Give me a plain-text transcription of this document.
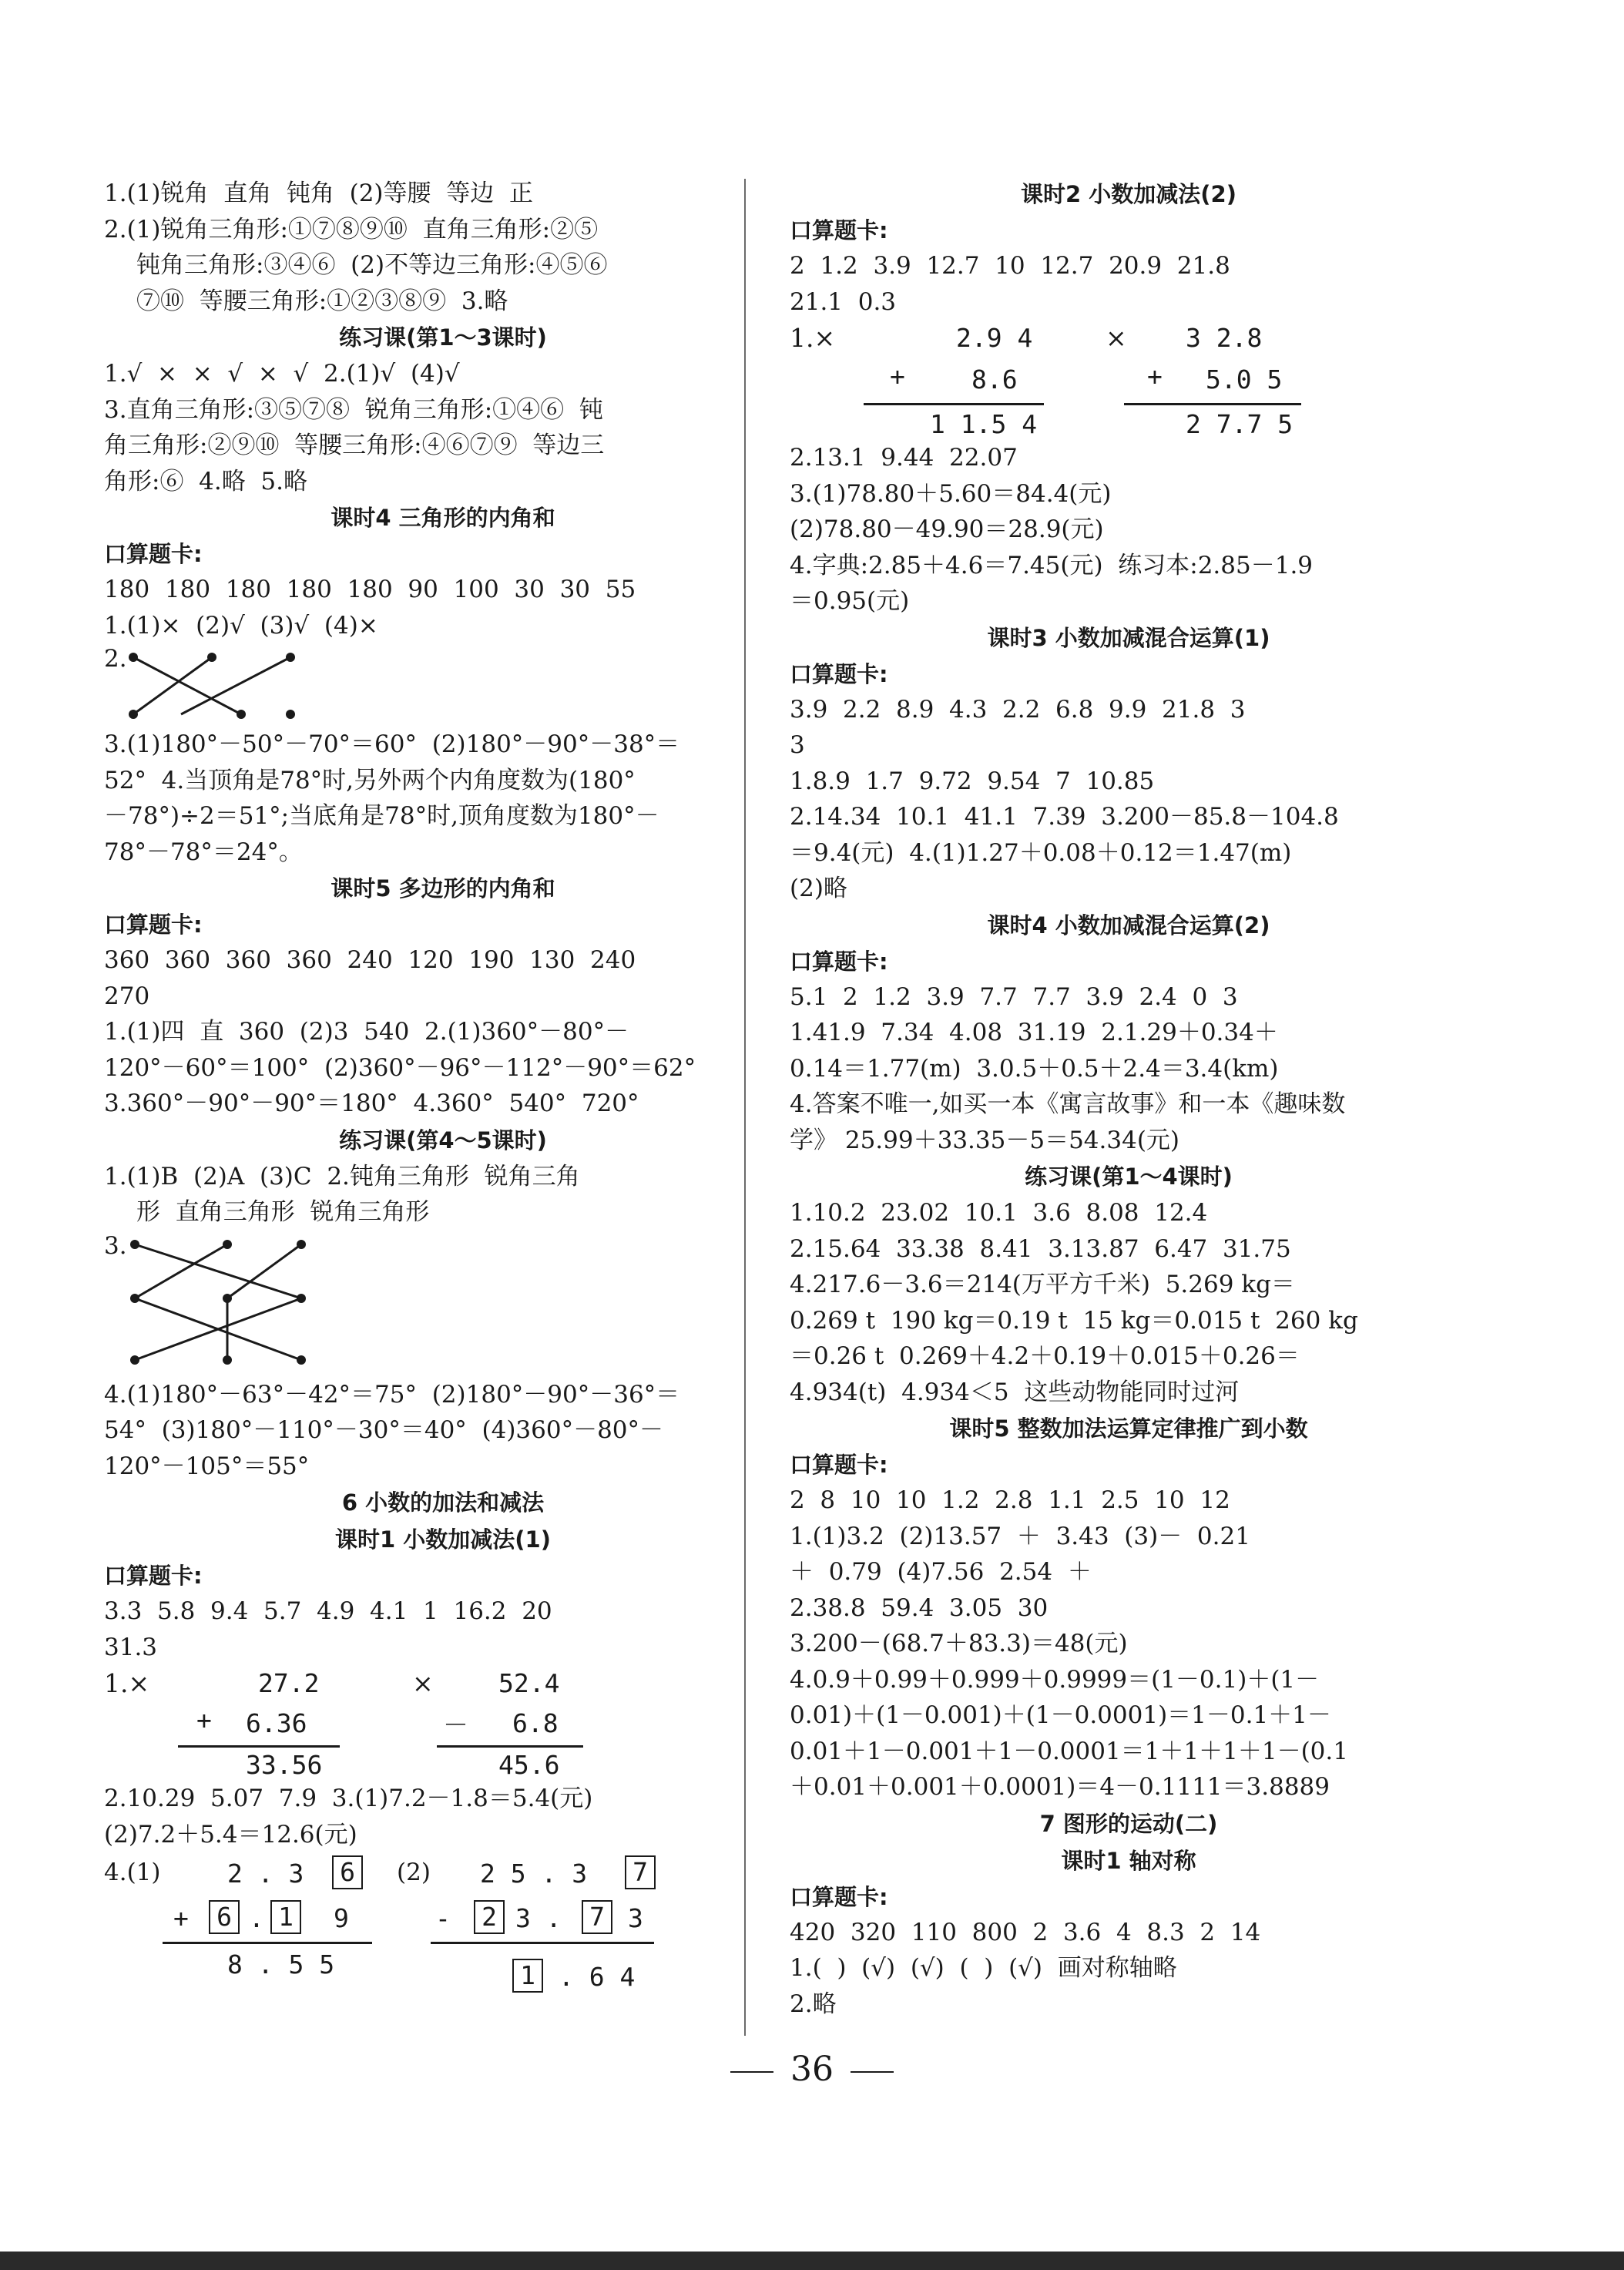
1.(1)锐角  直角  钝角  (2)等腰  等边  正
2.(1)锐角三角形:①⑦⑧⑨⑩  直角三角形:②⑤
钝角三角形:③④⑥  (2)不等边三角形:④⑤⑥
⑦⑩  等腰三角形:①②③⑧⑨  3.略
练习课(第1～3课时)
1.√  ×  ×  √  ×  √  2.(1)√  (4)√
3.直角三角形:③⑤⑦⑧  锐角三角形:①④⑥  钝
角三角形:②⑨⑩  等腰三角形:④⑥⑦⑨  等边三
角形:⑥  4.略  5.略
课时4 三角形的内角和
口算题卡:
180  180  180  180  180  90  100  30  30  55
1.(1)×  (2)√  (3)√  (4)×
2.
3.(1)180°－50°－70°＝60°  (2)180°－90°－38°＝
52°  4.当顶角是78°时,另外两个内角度数为(180°
－78°)÷2＝51°;当底角是78°时,顶角度数为180°－
78°－78°＝24°。
课时5 多边形的内角和
口算题卡:
360  360  360  360  240  120  190  130  240
270
1.(1)四  直  360  (2)3  540  2.(1)360°－80°－
120°－60°＝100°  (2)360°－96°－112°－90°＝62°
3.360°－90°－90°＝180°  4.360°  540°  720°
练习课(第4～5课时)
1.(1)B  (2)A  (3)C  2.钝角三角形  锐角三角
形  直角三角形  锐角三角形
3.
4.(1)180°－63°－42°＝75°  (2)180°－90°－36°＝
54°  (3)180°－110°－30°＝40°  (4)360°－80°－
120°－105°＝55°
6 小数的加法和减法
课时1 小数加减法(1)
口算题卡:
3.3  5.8  9.4  5.7  4.9  4.1  1  16.2  20
31.3
1.×	27.2
+ 6.36
33.56
×	52.4
－ 6.8
45.6
2.10.29  5.07  7.9  3.(1)7.2－1.8＝5.4(元)
(2)7.2＋5.4＝12.6(元)
4.(1)	2 . 3	6
+	6 . 1	9
8 . 5 5
(2) 2 5 . 3	7
-	2 3 .	7 3
1 . 6 4
课时2 小数加减法(2)
口算题卡:
2  1.2  3.9  12.7  10  12.7  20.9  21.8
21.1  0.3
1.×	2.9 4
+	8.6
1 1.5 4
× 3 2.8
+ 5.0 5
2 7.7 5
2.13.1  9.44  22.07
3.(1)78.80＋5.60＝84.4(元)
(2)78.80－49.90＝28.9(元)
4.字典:2.85＋4.6＝7.45(元)  练习本:2.85－1.9
＝0.95(元)
课时3 小数加减混合运算(1)
口算题卡:
3.9  2.2  8.9  4.3  2.2  6.8  9.9  21.8  3
3
1.8.9  1.7  9.72  9.54  7  10.85
2.14.34  10.1  41.1  7.39  3.200－85.8－104.8
＝9.4(元)  4.(1)1.27＋0.08＋0.12＝1.47(m)
(2)略
课时4 小数加减混合运算(2)
口算题卡:
5.1  2  1.2  3.9  7.7  7.7  3.9  2.4  0  3
1.41.9  7.34  4.08  31.19  2.1.29＋0.34＋
0.14＝1.77(m)  3.0.5＋0.5＋2.4＝3.4(km)
4.答案不唯一,如买一本《寓言故事》和一本《趣味数
学》 25.99＋33.35－5＝54.34(元)
练习课(第1～4课时)
1.10.2  23.02  10.1  3.6  8.08  12.4
2.15.64  33.38  8.41  3.13.87  6.47  31.75
4.217.6－3.6＝214(万平方千米)  5.269 kg＝
0.269 t  190 kg＝0.19 t  15 kg＝0.015 t  260 kg
＝0.26 t  0.269＋4.2＋0.19＋0.015＋0.26＝
4.934(t)  4.934＜5  这些动物能同时过河
课时5 整数加法运算定律推广到小数
口算题卡:
2  8  10  10  1.2  2.8  1.1  2.5  10  12
1.(1)3.2  (2)13.57  ＋  3.43  (3)－  0.21
＋  0.79  (4)7.56  2.54  ＋
2.38.8  59.4  3.05  30
3.200－(68.7＋83.3)＝48(元)
4.0.9＋0.99＋0.999＋0.9999＝(1－0.1)＋(1－
0.01)＋(1－0.001)＋(1－0.0001)＝1－0.1＋1－
0.01＋1－0.001＋1－0.0001＝1＋1＋1＋1－(0.1
＋0.01＋0.001＋0.0001)＝4－0.1111＝3.8889
7 图形的运动(二)
课时1 轴对称
口算题卡:
420  320  110  800  2  3.6  4  8.3  2  14
1.(  )  (√)  (√)  (  )  (√)  画对称轴略
2.略
36
